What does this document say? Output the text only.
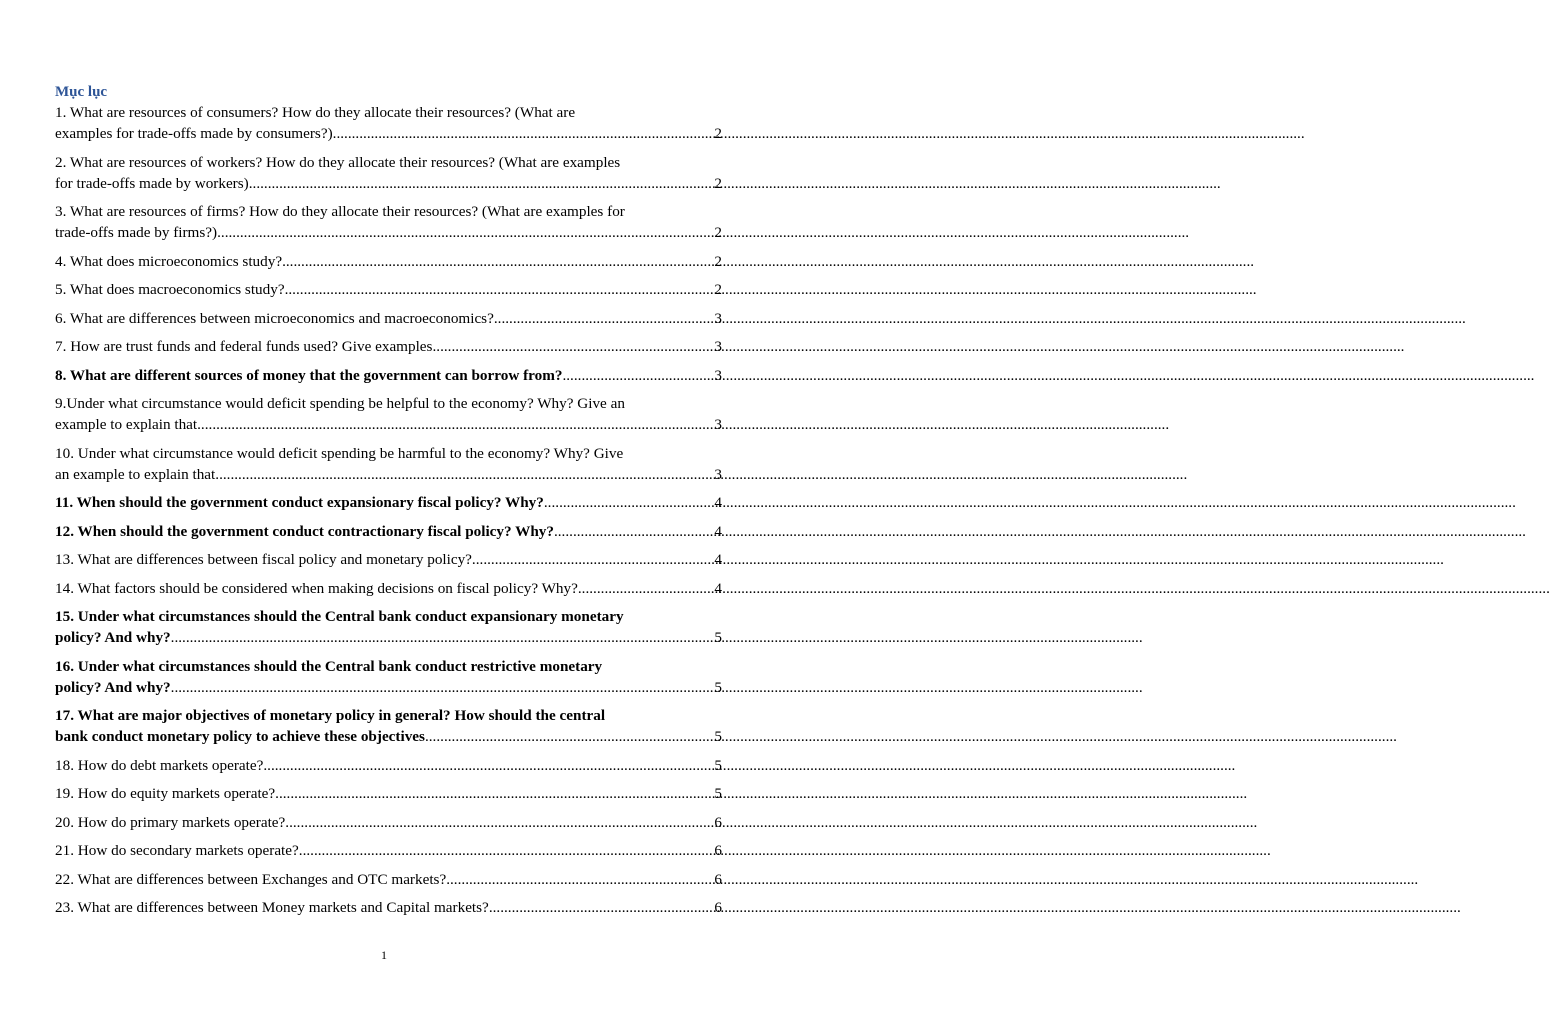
Mục lục
1. What are resources of consumers? How do they allocate their resources? (What are
examples for trade-offs made by consumers?) .....	2
2. What are resources of workers? How do they allocate their resources? (What are examples
for trade-offs made by workers) .....	2
3. What are resources of firms? How do they allocate their resources? (What are examples for
trade-offs made by firms?) .....	2
4. What does microeconomics study? .....	2
5. What does macroeconomics study? .....	2
6. What are differences between microeconomics and macroeconomics? .....	3
7. How are trust funds and federal funds used? Give examples .....	3
8. What are different sources of money that the government can borrow from? .....	3
9.Under what circumstance would deficit spending be helpful to the economy? Why? Give an
example to explain that .....	3
10. Under what circumstance would deficit spending be harmful to the economy? Why? Give
an example to explain that .....	3
11. When should the government conduct expansionary fiscal policy? Why? .....	4
12. When should the government conduct contractionary fiscal policy? Why? .....	4
13. What are differences between fiscal policy and monetary policy? .....	4
14. What factors should be considered when making decisions on fiscal policy? Why? .....	4
15. Under what circumstances should the Central bank conduct expansionary monetary
policy? And why? .....	5
16. Under what circumstances should the Central bank conduct restrictive monetary
policy? And why? .....	5
17. What are major objectives of monetary policy in general? How should the central
bank conduct monetary policy to achieve these objectives .....	5
18. How do debt markets operate? .....	5
19. How do equity markets operate? .....	5
20. How do primary markets operate? .....	6
21. How do secondary markets operate? .....	6
22. What are differences between Exchanges and OTC markets? .....	6
23. What are differences between Money markets and Capital markets? .....	6
1
